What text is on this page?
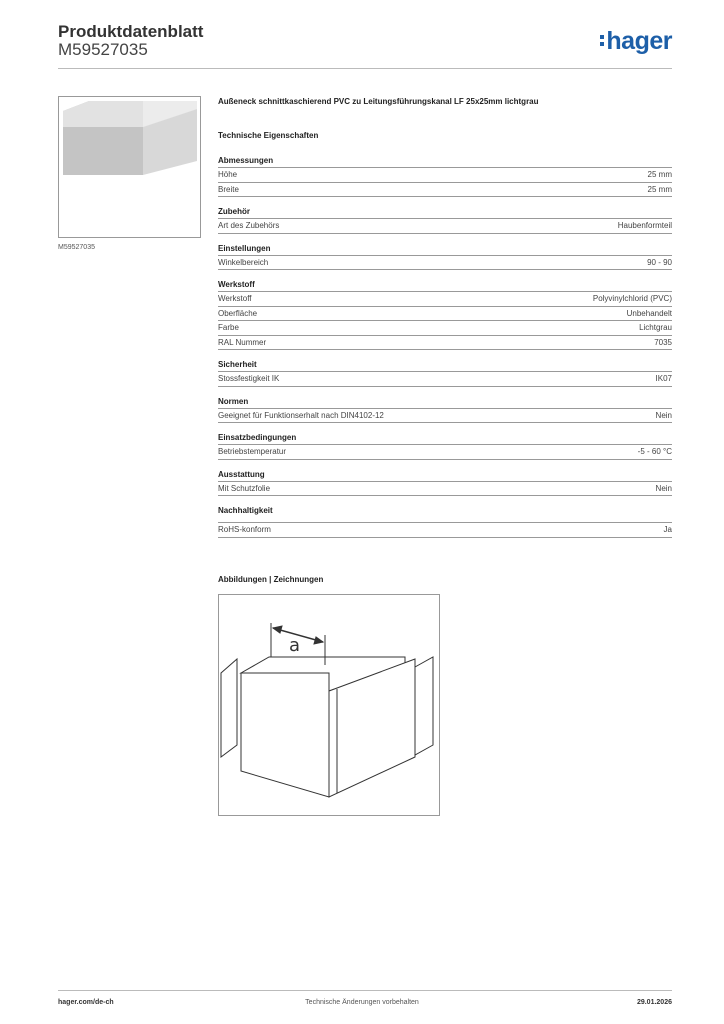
Produktdatenblatt
M59527035	hager
M59527035
Außeneck schnittkaschierend PVC zu Leitungsführungskanal LF 25x25mm lichtgrau
Technische Eigenschaften
Abmessungen
Höhe	25 mm
Breite	25 mm
Zubehör
Art des Zubehörs	Haubenformteil
Einstellungen
Winkelbereich	90 - 90
Werkstoff
Werkstoff	Polyvinylchlorid (PVC)
Oberfläche	Unbehandelt
Farbe	Lichtgrau
RAL Nummer	7035
Sicherheit
Stossfestigkeit IK	IK07
Normen
Geeignet für Funktionserhalt nach DIN4102-12	Nein
Einsatzbedingungen
Betriebstemperatur	-5 - 60 °C
Ausstattung
Mit Schutzfolie	Nein
Nachhaltigkeit
RoHS-konform	Ja
Abbildungen | Zeichnungen
a
hager.com/de-ch	Technische Änderungen vorbehalten	29.01.2026
